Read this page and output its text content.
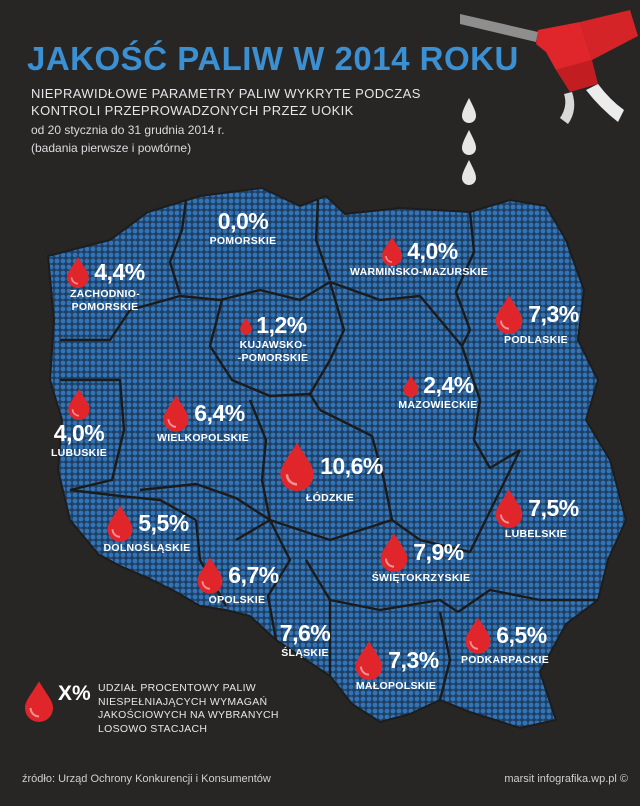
JAKOŚĆ PALIW W 2014 ROKU
NIEPRAWIDŁOWE PARAMETRY PALIW WYKRYTE PODCZAS
KONTROLI PRZEPROWADZONYCH PRZEZ UOKIK
od 20 stycznia do 31 grudnia 2014 r.
(badania pierwsze i powtórne)
0,0%
POMORSKIE	4,0%
WARMIŃSKO-MAZURSKIE
4,4%
ZACHODNIO-
POMORSKIE
1,2%
KUJAWSKO-
-POMORSKIE
7,3%
PODLASKIE
2,4%
MAZOWIECKIE
4,0%
LUBUSKIE
6,4%
WIELKOPOLSKIE
10,6%
ŁÓDZKIE	7,5%
LUBELSKIE
5,5%
DOLNOŚLĄSKIE	7,9%
ŚWIĘTOKRZYSKIE
6,7%
OPOLSKIE
7,6%
ŚLĄSKIE
6,5%
PODKARPACKIE
7,3%
MAŁOPOLSKIE
X% UDZIAŁ PROCENTOWY PALIW
NIESPEŁNIAJĄCYCH WYMAGAŃ
JAKOŚCIOWYCH NA WYBRANYCH
LOSOWO STACJACH
źródło: Urząd Ochrony Konkurencji i Konsumentów	marsit infografika.wp.pl ©
